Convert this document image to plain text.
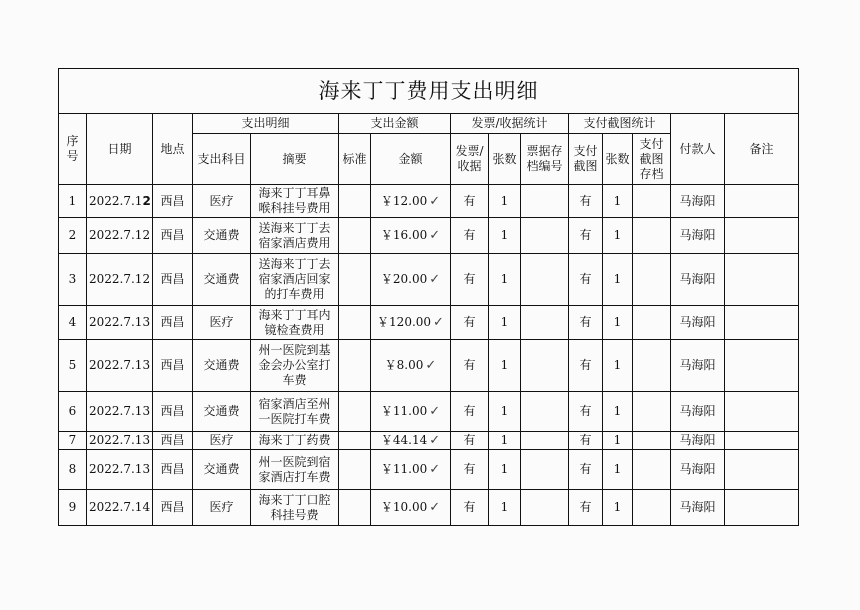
海来丁丁费用支出明细														
序号	日期	地点	支出明细		支出金额		发票/收据统计			支付截图统计			付款人	备注
			支出科目	摘要	标准	金额	发票/收据	张数	票据存档编号	支付截图	张数	支付截图存档		
1	2022.7.12	西昌	医疗	海来丁丁耳鼻喉科挂号费用		￥12.00 ✓	有	1		有	1		马海阳	
2	2022.7.12	西昌	交通费	送海来丁丁去宿家酒店费用		￥16.00 ✓	有	1		有	1		马海阳	
3	2022.7.12	西昌	交通费	送海来丁丁去宿家酒店回家的打车费用		￥20.00 ✓	有	1		有	1		马海阳	
4	2022.7.13	西昌	医疗	海来丁丁耳内镜检查费用		￥120.00 ✓	有	1		有	1		马海阳	
5	2022.7.13	西昌	交通费	州一医院到基金会办公室打车费		￥8.00 ✓	有	1		有	1		马海阳	
6	2022.7.13	西昌	交通费	宿家酒店至州一医院打车费		￥11.00 ✓	有	1		有	1		马海阳	
7	2022.7.13	西昌	医疗	海来丁丁药费		￥44.14 ✓	有	1		有	1		马海阳	
8	2022.7.13	西昌	交通费	州一医院到宿家酒店打车费		￥11.00 ✓	有	1		有	1		马海阳	
9	2022.7.14	西昌	医疗	海来丁丁口腔科挂号费		￥10.00 ✓	有	1		有	1		马海阳	
